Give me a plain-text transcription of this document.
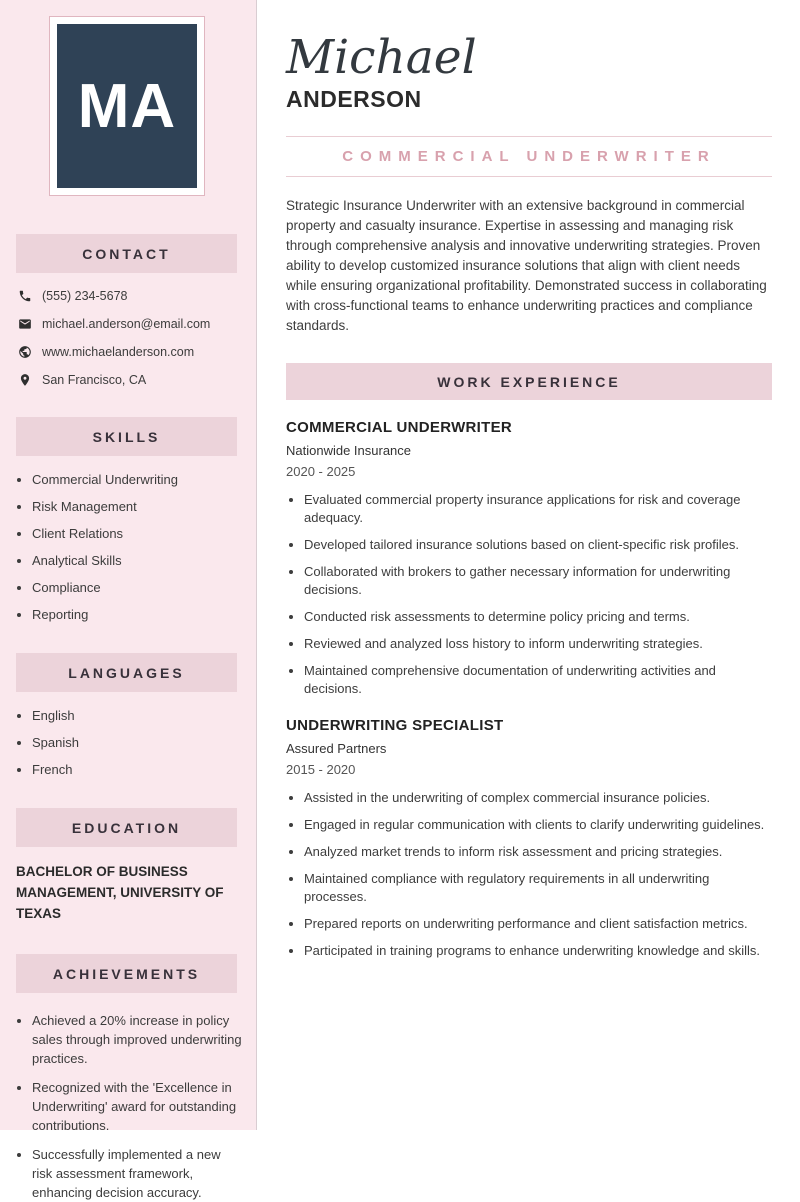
MA
CONTACT
(555) 234-5678
michael.anderson@email.com
www.michaelanderson.com
San Francisco, CA
SKILLS
• Commercial Underwriting
• Risk Management
• Client Relations
• Analytical Skills
• Compliance
• Reporting
LANGUAGES
• English
• Spanish
• French
EDUCATION

BACHELOR OF BUSINESS MANAGEMENT, UNIVERSITY OF TEXAS

ACHIEVEMENTS
• Achieved a 20% increase in policy sales through improved underwriting practices.
• Recognized with the 'Excellence in Underwriting' award for outstanding contributions.
• Successfully implemented a new risk assessment framework, enhancing decision accuracy.
Michael
ANDERSON
COMMERCIAL UNDERWRITER

Strategic Insurance Underwriter with an extensive background in commercial property and casualty insurance. Expertise in assessing and managing risk through comprehensive analysis and innovative underwriting strategies. Proven ability to develop customized insurance solutions that align with client needs while ensuring organizational profitability. Demonstrated success in collaborating with cross-functional teams to enhance underwriting practices and compliance standards.

WORK EXPERIENCE
COMMERCIAL UNDERWRITER
Nationwide Insurance
2020 - 2025
• Evaluated commercial property insurance applications for risk and coverage adequacy.
• Developed tailored insurance solutions based on client-specific risk profiles.
• Collaborated with brokers to gather necessary information for underwriting decisions.
• Conducted risk assessments to determine policy pricing and terms.
• Reviewed and analyzed loss history to inform underwriting strategies.
• Maintained comprehensive documentation of underwriting activities and decisions.
UNDERWRITING SPECIALIST
Assured Partners
2015 - 2020
• Assisted in the underwriting of complex commercial insurance policies.
• Engaged in regular communication with clients to clarify underwriting guidelines.
• Analyzed market trends to inform risk assessment and pricing strategies.
• Maintained compliance with regulatory requirements in all underwriting processes.
• Prepared reports on underwriting performance and client satisfaction metrics.
• Participated in training programs to enhance underwriting knowledge and skills.
